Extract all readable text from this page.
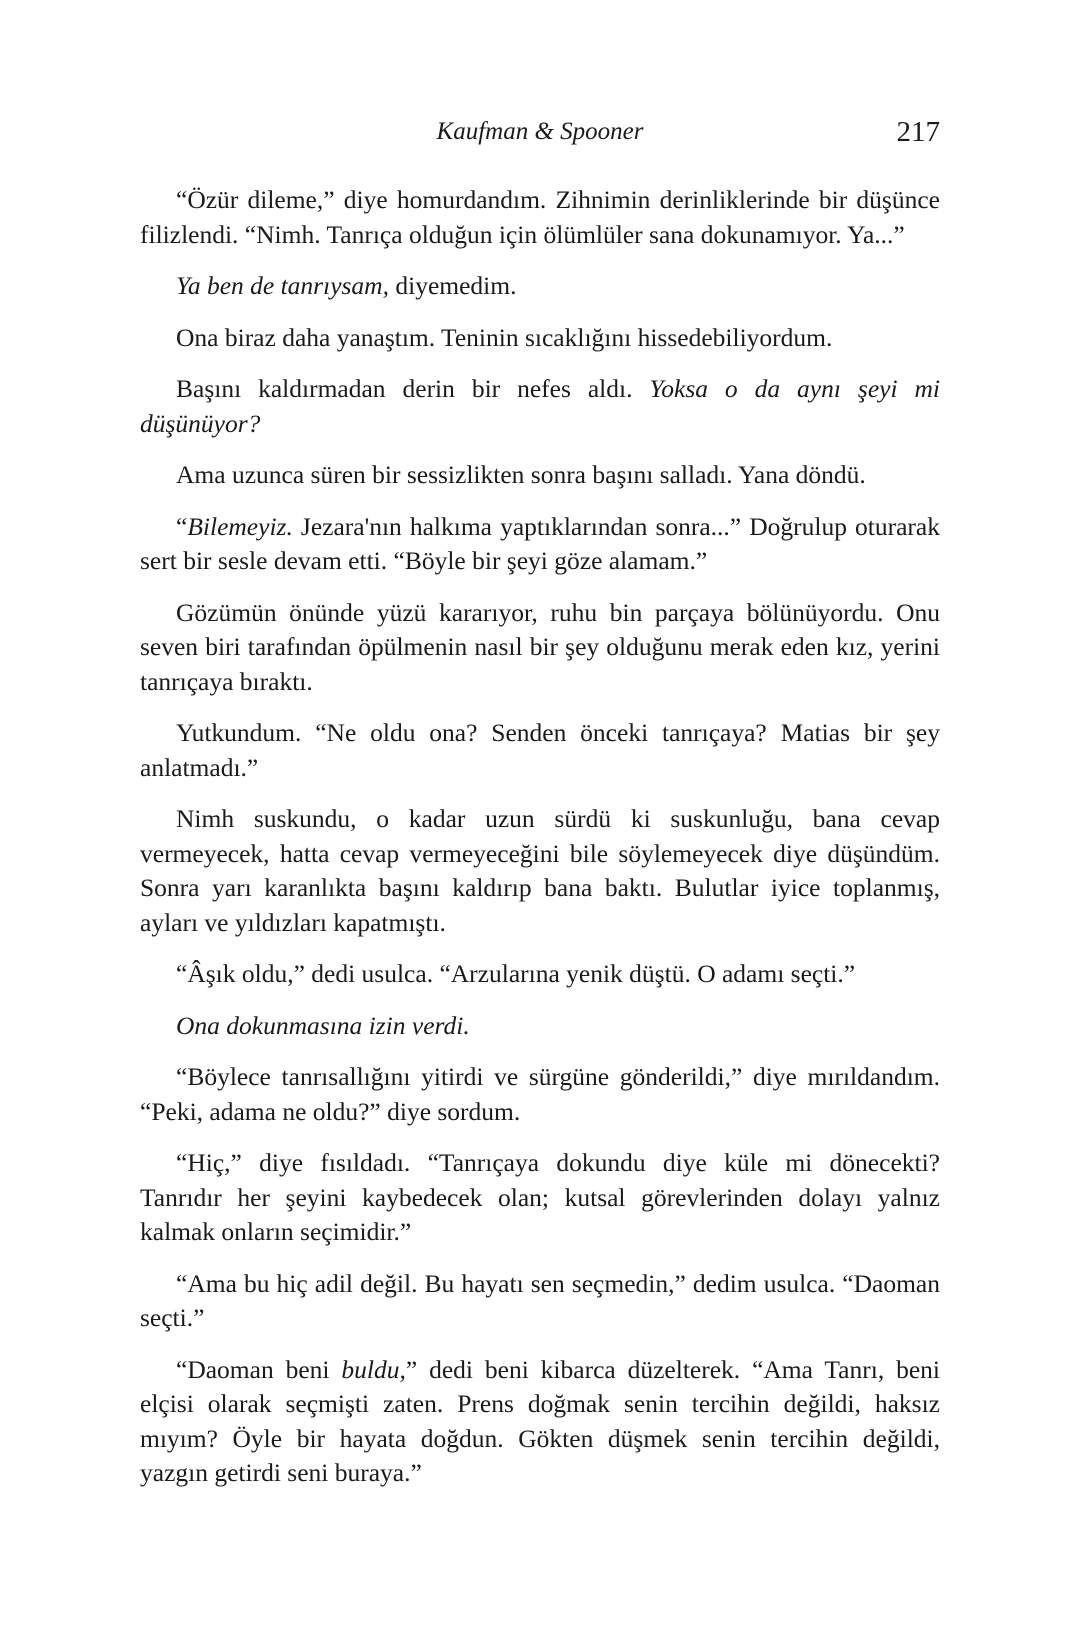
Kaufman & Spooner	217

“Özür dileme,” diye homurdandım. Zihnimin derinliklerinde bir düşünce filizlendi. “Nimh. Tanrıça olduğun için ölümlüler sana dokunamıyor. Ya...”

Ya ben de tanrıysam, diyemedim.

Ona biraz daha yanaştım. Teninin sıcaklığını hissedebiliyordum.

Başını kaldırmadan derin bir nefes aldı. Yoksa o da aynı şeyi mi düşünüyor?

Ama uzunca süren bir sessizlikten sonra başını salladı. Yana döndü.

“Bilemeyiz. Jezara'nın halkıma yaptıklarından sonra...” Doğrulup oturarak sert bir sesle devam etti. “Böyle bir şeyi göze alamam.”

Gözümün önünde yüzü kararıyor, ruhu bin parçaya bölünüyordu. Onu seven biri tarafından öpülmenin nasıl bir şey olduğunu merak eden kız, yerini tanrıçaya bıraktı.

Yutkundum. “Ne oldu ona? Senden önceki tanrıçaya? Matias bir şey anlatmadı.”

Nimh suskundu, o kadar uzun sürdü ki suskunluğu, bana cevap vermeyecek, hatta cevap vermeyeceğini bile söylemeyecek diye düşündüm. Sonra yarı karanlıkta başını kaldırıp bana baktı. Bulutlar iyice toplanmış, ayları ve yıldızları kapatmıştı.

“Âşık oldu,” dedi usulca. “Arzularına yenik düştü. O adamı seçti.”

Ona dokunmasına izin verdi.

“Böylece tanrısallığını yitirdi ve sürgüne gönderildi,” diye mırıldandım. “Peki, adama ne oldu?” diye sordum.

“Hiç,” diye fısıldadı. “Tanrıçaya dokundu diye küle mi dönecekti? Tanrıdır her şeyini kaybedecek olan; kutsal görevlerinden dolayı yalnız kalmak onların seçimidir.”

“Ama bu hiç adil değil. Bu hayatı sen seçmedin,” dedim usulca. “Daoman seçti.”

“Daoman beni buldu,” dedi beni kibarca düzelterek. “Ama Tanrı, beni elçisi olarak seçmişti zaten. Prens doğmak senin tercihin değildi, haksız mıyım? Öyle bir hayata doğdun. Gökten düşmek senin tercihin değildi, yazgın getirdi seni buraya.”
